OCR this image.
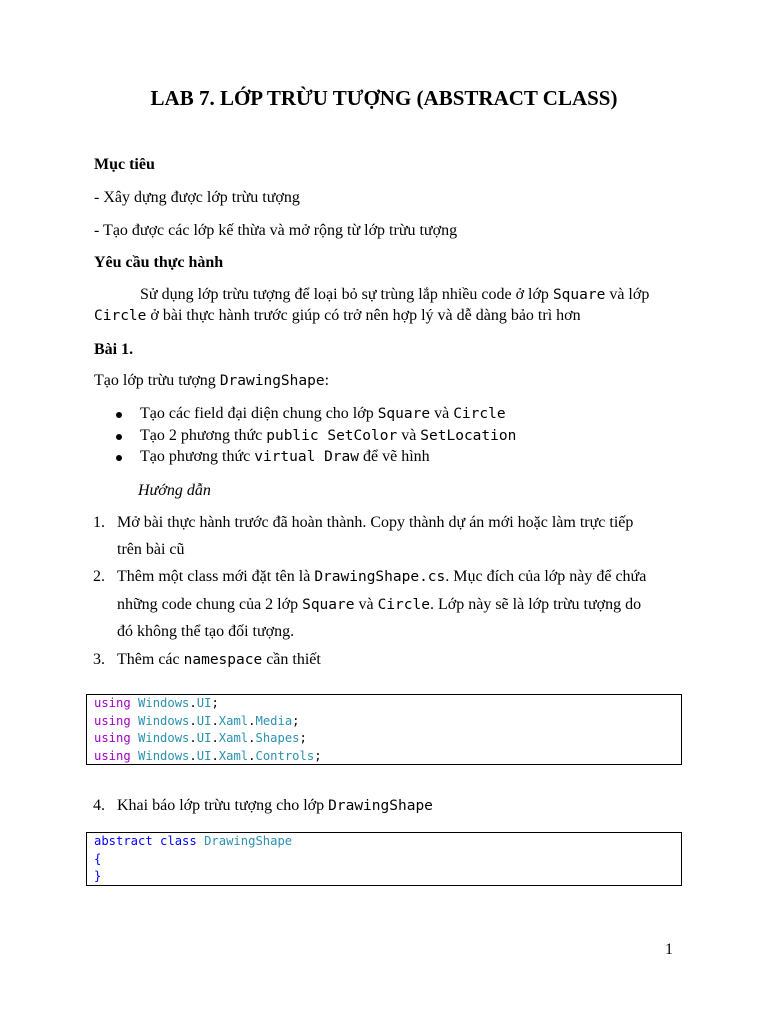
LAB 7. LỚP TRỪU TƯỢNG (ABSTRACT CLASS)
Mục tiêu
- Xây dựng được lớp trừu tượng
- Tạo được các lớp kế thừa và mở rộng từ lớp trừu tượng
Yêu cầu thực hành
Sử dụng lớp trừu tượng để loại bỏ sự trùng lắp nhiều code ở lớp Square và lớp
Circle ở bài thực hành trước giúp có trở nên hợp lý và dễ dàng bảo trì hơn
Bài 1.
Tạo lớp trừu tượng DrawingShape:
Tạo các field đại diện chung cho lớp Square và Circle
Tạo 2 phương thức public SetColor và SetLocation
Tạo phương thức virtual Draw để vẽ hình
Hướng dẫn
1. Mở bài thực hành trước đã hoàn thành. Copy thành dự án mới hoặc làm trực tiếp
trên bài cũ
2. Thêm một class mới đặt tên là DrawingShape.cs. Mục đích của lớp này để chứa
những code chung của 2 lớp Square và Circle. Lớp này sẽ là lớp trừu tượng do
đó không thể tạo đối tượng.
3. Thêm các namespace cần thiết
using Windows.UI;
using Windows.UI.Xaml.Media;
using Windows.UI.Xaml.Shapes;
using Windows.UI.Xaml.Controls;
4. Khai báo lớp trừu tượng cho lớp DrawingShape
abstract class DrawingShape
{
}
1
